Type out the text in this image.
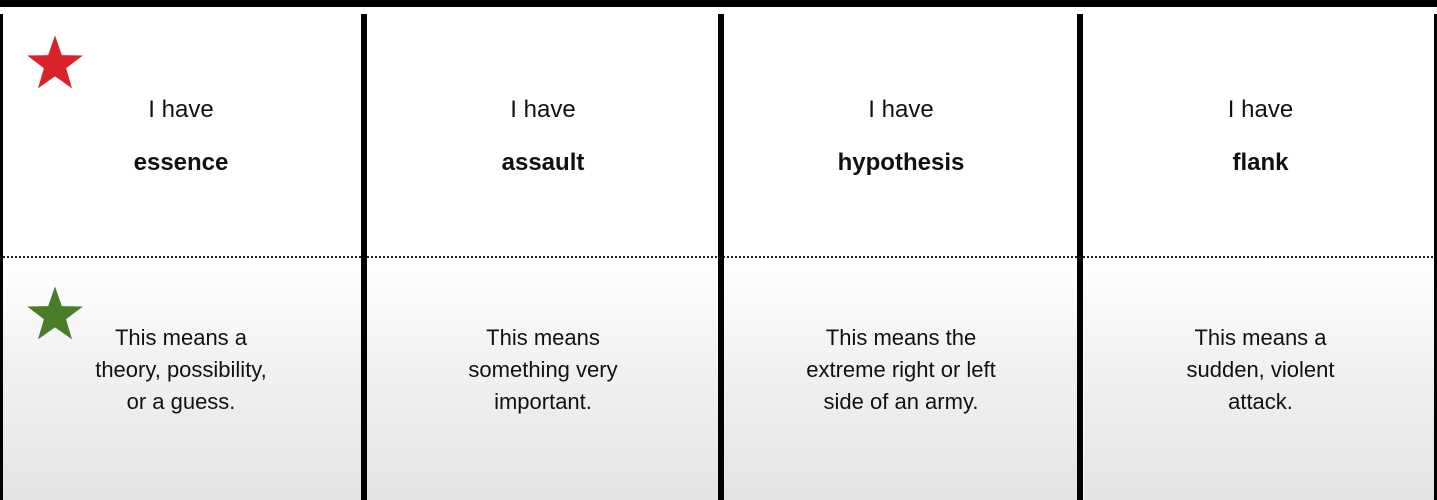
I have
essence
This means a
theory, possibility,
or a guess.
I have
assault
This means
something very
important.
I have
hypothesis
This means the
extreme right or left
side of an army.
I have
flank
This means a
sudden, violent
attack.
